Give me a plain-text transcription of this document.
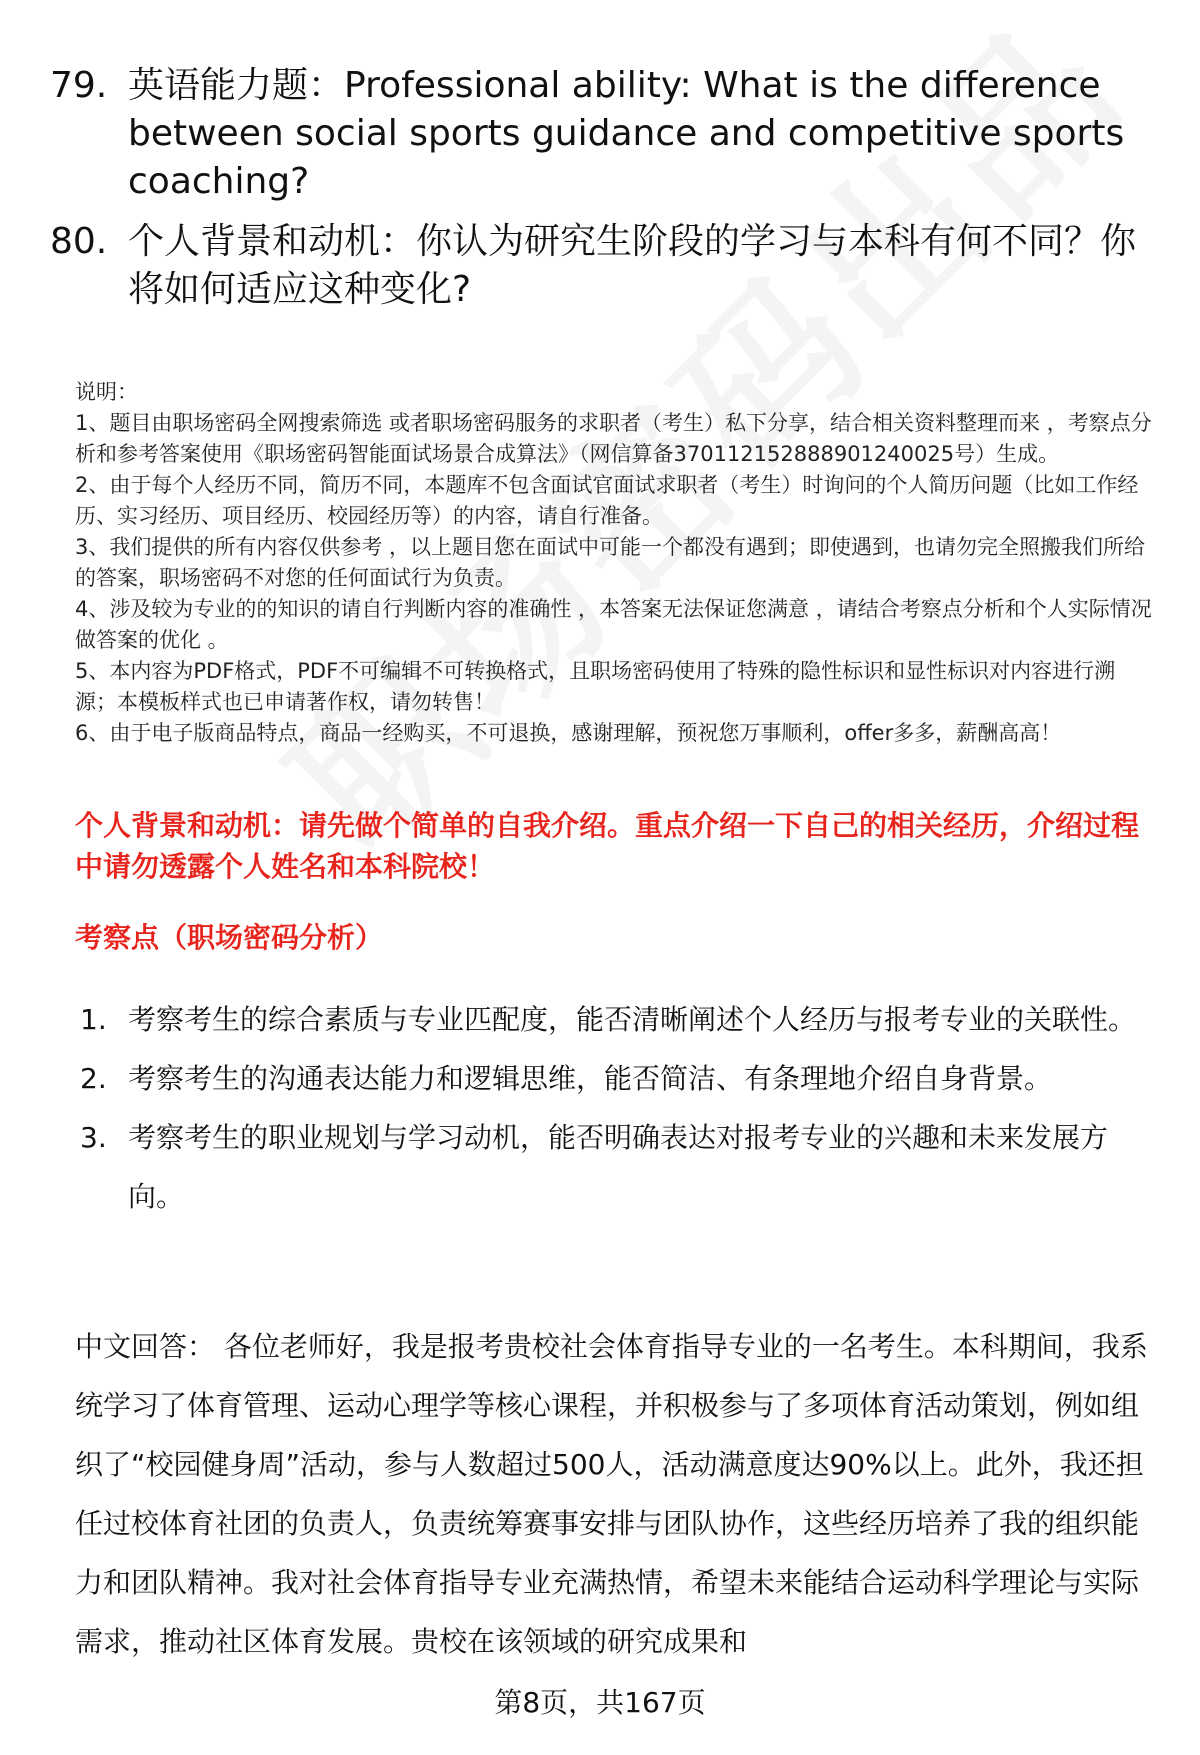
79. 英语能力题：Professional ability: What is the difference between social sports guidance and competitive sports coaching?
80. 个人背景和动机：你认为研究生阶段的学习与本科有何不同？你将如何适应这种变化?

说明：

1、题目由职场密码全网搜索筛选 或者职场密码服务的求职者（考生）私下分享，结合相关资料整理而来 ，考察点分析和参考答案使用《职场密码智能面试场景合成算法》（网信算备370112152888901240025号）生成。

2、由于每个人经历不同，简历不同，本题库不包含面试官面试求职者（考生）时询问的个人简历问题（比如工作经历、实习经历、项目经历、校园经历等）的内容，请自行准备。

3、我们提供的所有内容仅供参考 ，以上题目您在面试中可能一个都没有遇到；即使遇到，也请勿完全照搬我们所给的答案，职场密码不对您的任何面试行为负责。

4、涉及较为专业的的知识的请自行判断内容的准确性 ，本答案无法保证您满意 ，请结合考察点分析和个人实际情况做答案的优化 。

5、本内容为PDF格式，PDF不可编辑不可转换格式，且职场密码使用了特殊的隐性标识和显性标识对内容进行溯源；本模板样式也已申请著作权，请勿转售！

6、由于电子版商品特点，商品一经购买，不可退换，感谢理解，预祝您万事顺利，offer多多，薪酬高高！

个人背景和动机：请先做个简单的自我介绍。重点介绍一下自己的相关经历，介绍过程中请勿透露个人姓名和本科院校！
考察点（职场密码分析）
1. 考察考生的综合素质与专业匹配度，能否清晰阐述个人经历与报考专业的关联性。
2. 考察考生的沟通表达能力和逻辑思维，能否简洁、有条理地介绍自身背景。
3. 考察考生的职业规划与学习动机，能否明确表达对报考专业的兴趣和未来发展方向。
中文回答： 各位老师好，我是报考贵校社会体育指导专业的一名考生。本科期间，我系统学习了体育管理、运动心理学等核心课程，并积极参与了多项体育活动策划，例如组织了“校园健身周”活动，参与人数超过500人，活动满意度达90%以上。此外，我还担任过校体育社团的负责人，负责统筹赛事安排与团队协作，这些经历培养了我的组织能力和团队精神。我对社会体育指导专业充满热情，希望未来能结合运动科学理论与实际需求，推动社区体育发展。贵校在该领域的研究成果和
第8页，共167页
